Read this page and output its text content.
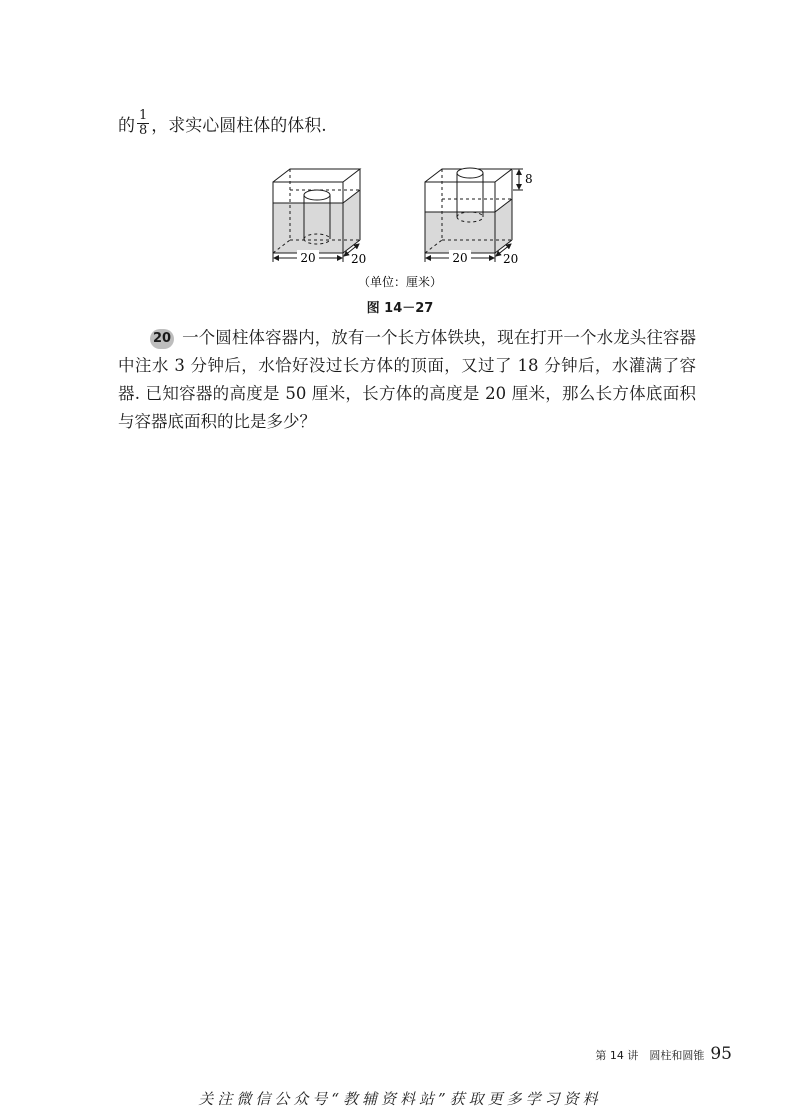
的 $\frac{1}{8}$ ，求实心圆柱体的体积.
20	20
8
20	20
（单位：厘米）
图 14－27
20 一个圆柱体容器内，放有一个长方体铁块，现在打开一个水龙头往容器中注水 3 分钟后，水恰好没过长方体的顶面，又过了 18 分钟后，水灌满了容器. 已知容器的高度是 50 厘米，长方体的高度是 20 厘米，那么长方体底面积与容器底面积的比是多少？
第 14 讲　圆柱和圆锥 95
关注微信公众号“教辅资料站”获取更多学习资料
